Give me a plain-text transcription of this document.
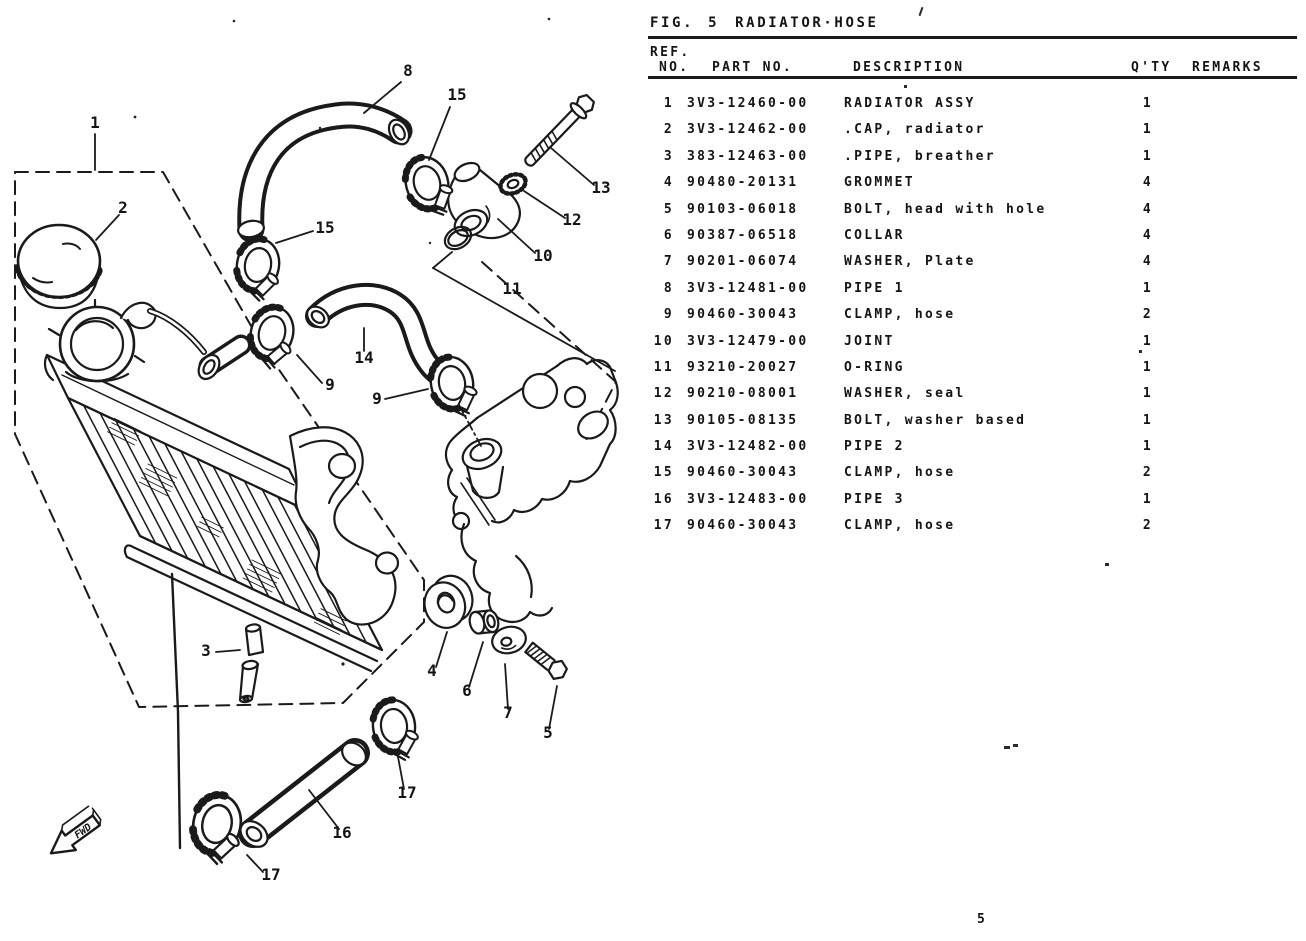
FWD
1
2
8
15
13
12
10
11
15
14
9
9
3
4
6
7
5
16
17
17
FIG. 5 RADIATOR·HOSE
REF.
NO. PART NO.	DESCRIPTION	Q'TY REMARKS
1 3V3-12460-00	RADIATOR ASSY	1
2 3V3-12462-00	.CAP, radiator	1
3 383-12463-00	.PIPE, breather	1
4 90480-20131	GROMMET	4
5 90103-06018	BOLT, head with hole	4
6 90387-06518	COLLAR	4
7 90201-06074	WASHER, Plate	4
8 3V3-12481-00	PIPE 1	1
9 90460-30043	CLAMP, hose	2
10 3V3-12479-00	JOINT	1
11 93210-20027	O-RING	1
12 90210-08001	WASHER, seal	1
13 90105-08135	BOLT, washer based	1
14 3V3-12482-00	PIPE 2	1
15 90460-30043	CLAMP, hose	2
16 3V3-12483-00	PIPE 3	1
17 90460-30043	CLAMP, hose	2
5
